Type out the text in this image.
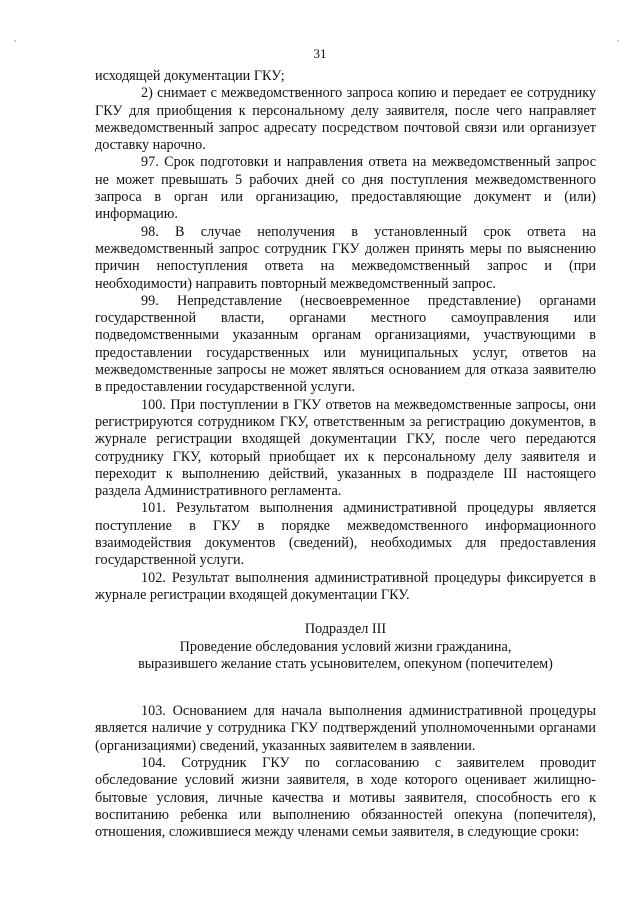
31

исходящей документации ГКУ;

2) снимает с межведомственного запроса копию и передает ее сотруднику ГКУ для приобщения к персональному делу заявителя, после чего направляет межведомственный запрос адресату посредством почтовой связи или организует доставку нарочно.

97. Срок подготовки и направления ответа на межведомственный запрос не может превышать 5 рабочих дней со дня поступления межведомственного запроса в орган или организацию, предоставляющие документ и (или) информацию.

98. В случае неполучения в установленный срок ответа на межведомственный запрос сотрудник ГКУ должен принять меры по выяснению причин непоступления ответа на межведомственный запрос и (при необходимости) направить повторный межведомственный запрос.

99. Непредставление (несвоевременное представление) органами государственной власти, органами местного самоуправления или подведомственными указанным органам организациями, участвующими в предоставлении государственных или муниципальных услуг, ответов на межведомственные запросы не может являться основанием для отказа заявителю в предоставлении государственной услуги.

100. При поступлении в ГКУ ответов на межведомственные запросы, они регистрируются сотрудником ГКУ, ответственным за регистрацию документов, в журнале регистрации входящей документации ГКУ, после чего передаются сотруднику ГКУ, который приобщает их к персональному делу заявителя и переходит к выполнению действий, указанных в подразделе III настоящего раздела Административного регламента.

101. Результатом выполнения административной процедуры является поступление в ГКУ в порядке межведомственного информационного взаимодействия документов (сведений), необходимых для предоставления государственной услуги.

102. Результат выполнения административной процедуры фиксируется в журнале регистрации входящей документации ГКУ.

Подраздел III

Проведение обследования условий жизни гражданина,

выразившего желание стать усыновителем, опекуном (попечителем)

103. Основанием для начала выполнения административной процедуры является наличие у сотрудника ГКУ подтверждений уполномоченными органами (организациями) сведений, указанных заявителем в заявлении.

104. Сотрудник ГКУ по согласованию с заявителем проводит обследование условий жизни заявителя, в ходе которого оценивает жилищно-бытовые условия, личные качества и мотивы заявителя, способность его к воспитанию ребенка или выполнению обязанностей опекуна (попечителя), отношения, сложившиеся между членами семьи заявителя, в следующие сроки:
